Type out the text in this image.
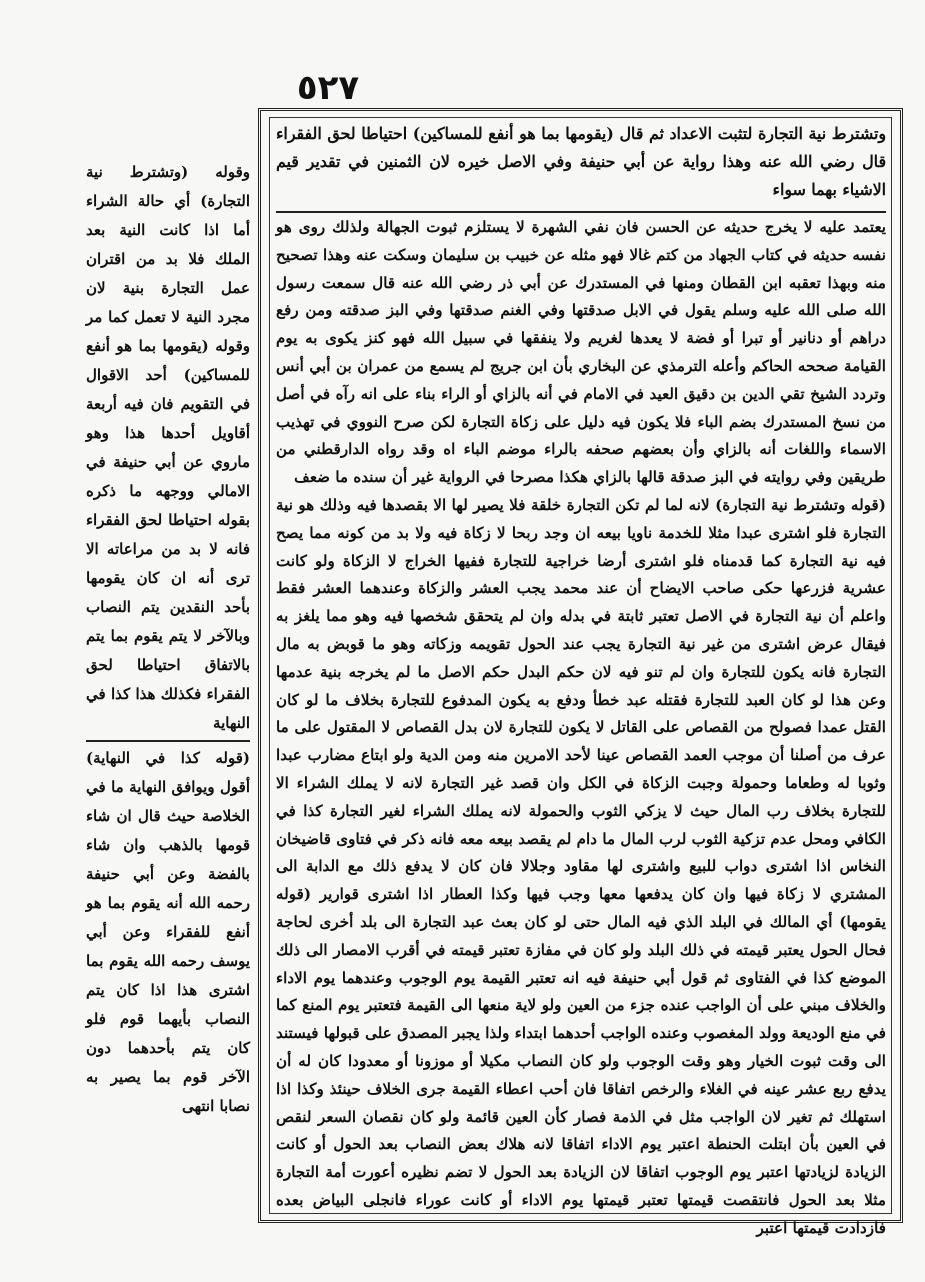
٥٢٧
وتشترط نية التجارة لتثبت الاعداد ثم قال (يقومها بما هو أنفع للمساكين) احتياطا لحق الفقراء قال رضي الله عنه وهذا رواية عن أبي حنيفة وفي الاصل خيره لان الثمنين في تقدير قيم الاشياء بهما سواء

يعتمد عليه لا يخرج حديثه عن الحسن فان نفي الشهرة لا يستلزم ثبوت الجهالة ولذلك روى هو نفسه حديثه في كتاب الجهاد من كتم غالا فهو مثله عن خبيب بن سليمان وسكت عنه وهذا تصحيح منه وبهذا تعقبه ابن القطان ومنها في المستدرك عن أبي ذر رضي الله عنه قال سمعت رسول الله صلى الله عليه وسلم يقول في الابل صدقتها وفي الغنم صدقتها وفي البز صدقته ومن رفع دراهم أو دنانير أو تبرا أو فضة لا يعدها لغريم ولا ينفقها في سبيل الله فهو كنز يكوى به يوم القيامة صححه الحاكم وأعله الترمذي عن البخاري بأن ابن جريج لم يسمع من عمران بن أبي أنس وتردد الشيخ تقي الدين بن دقيق العيد في الامام في أنه بالزاي أو الراء بناء على انه رآه في أصل من نسخ المستدرك بضم الباء فلا يكون فيه دليل على زكاة التجارة لكن صرح النووي في تهذيب الاسماء واللغات أنه بالزاي وأن بعضهم صحفه بالراء موضم الباء اه وقد رواه الدارقطني من طريقين وفي روايته في البز صدقة قالها بالزاي هكذا مصرحا في الرواية غير أن سنده ما ضعف

(قوله وتشترط نية التجارة) لانه لما لم تكن التجارة خلقة فلا يصير لها الا بقصدها فيه وذلك هو نية التجارة فلو اشترى عبدا مثلا للخدمة ناويا بيعه ان وجد ربحا لا زكاة فيه ولا بد من كونه مما يصح فيه نية التجارة كما قدمناه فلو اشترى أرضا خراجية للتجارة ففيها الخراج لا الزكاة ولو كانت عشرية فزرعها حكى صاحب الايضاح أن عند محمد يجب العشر والزكاة وعندهما العشر فقط واعلم أن نية التجارة في الاصل تعتبر ثابتة في بدله وان لم يتحقق شخصها فيه وهو مما يلغز به فيقال عرض اشترى من غير نية التجارة يجب عند الحول تقويمه وزكاته وهو ما قوبض به مال التجارة فانه يكون للتجارة وان لم تنو فيه لان حكم البدل حكم الاصل ما لم يخرجه بنية عدمها وعن هذا لو كان العبد للتجارة فقتله عبد خطأ ودفع به يكون المدفوع للتجارة بخلاف ما لو كان القتل عمدا فصولح من القصاص على القاتل لا يكون للتجارة لان بدل القصاص لا المقتول على ما عرف من أصلنا أن موجب العمد القصاص عينا لأحد الامرين منه ومن الدية ولو ابتاع مضارب عبدا وثوبا له وطعاما وحمولة وجبت الزكاة في الكل وان قصد غير التجارة لانه لا يملك الشراء الا للتجارة بخلاف رب المال حيث لا يزكي الثوب والحمولة لانه يملك الشراء لغير التجارة كذا في الكافي ومحل عدم تزكية الثوب لرب المال ما دام لم يقصد بيعه معه فانه ذكر في فتاوى قاضيخان النخاس اذا اشترى دواب للبيع واشترى لها مقاود وجلالا فان كان لا يدفع ذلك مع الدابة الى المشتري لا زكاة فيها وان كان يدفعها معها وجب فيها وكذا العطار اذا اشترى قوارير (قوله يقومها) أي المالك في البلد الذي فيه المال حتى لو كان بعث عبد التجارة الى بلد أخرى لحاجة فحال الحول يعتبر قيمته في ذلك البلد ولو كان في مفازة تعتبر قيمته في أقرب الامصار الى ذلك الموضع كذا في الفتاوى ثم قول أبي حنيفة فيه انه تعتبر القيمة يوم الوجوب وعندهما يوم الاداء والخلاف مبني على أن الواجب عنده جزء من العين ولو لاية منعها الى القيمة فتعتبر يوم المنع كما في منع الوديعة وولد المغصوب وعنده الواجب أحدهما ابتداء ولذا يجبر المصدق على قبولها فيستند الى وقت ثبوت الخيار وهو وقت الوجوب ولو كان النصاب مكيلا أو موزونا أو معدودا كان له أن يدفع ربع عشر عينه في الغلاء والرخص اتفاقا فان أحب اعطاء القيمة جرى الخلاف حينئذ وكذا اذا استهلك ثم تغير لان الواجب مثل في الذمة فصار كأن العين قائمة ولو كان نقصان السعر لنقص في العين بأن ابتلت الحنطة اعتبر يوم الاداء اتفاقا لانه هلاك بعض النصاب بعد الحول أو كانت الزيادة لزيادتها اعتبر يوم الوجوب اتفاقا لان الزيادة بعد الحول لا تضم نظيره أعورت أمة التجارة مثلا بعد الحول فانتقصت قيمتها تعتبر قيمتها يوم الاداء أو كانت عوراء فانجلى البياض بعده فازدادت قيمتها اعتبر

وقوله (وتشترط نية التجارة) أي حالة الشراء أما اذا كانت النية بعد الملك فلا بد من اقتران عمل التجارة بنية لان مجرد النية لا تعمل كما مر وقوله (يقومها بما هو أنفع للمساكين) أحد الاقوال في التقويم فان فيه أربعة أقاويل أحدها هذا وهو ماروي عن أبي حنيفة في الامالي ووجهه ما ذكره بقوله احتياطا لحق الفقراء فانه لا بد من مراعاته الا ترى أنه ان كان يقومها بأحد النقدين يتم النصاب وبالآخر لا يتم يقوم بما يتم بالاتفاق احتياطا لحق الفقراء فكذلك هذا كذا في النهاية
(قوله كذا في النهاية) أقول ويوافق النهاية ما في الخلاصة حيث قال ان شاء قومها بالذهب وان شاء بالفضة وعن أبي حنيفة رحمه الله أنه يقوم بما هو أنفع للفقراء وعن أبي يوسف رحمه الله يقوم بما اشترى هذا اذا كان يتم النصاب بأيهما قوم فلو كان يتم بأحدهما دون الآخر قوم بما يصير به نصابا انتهى
